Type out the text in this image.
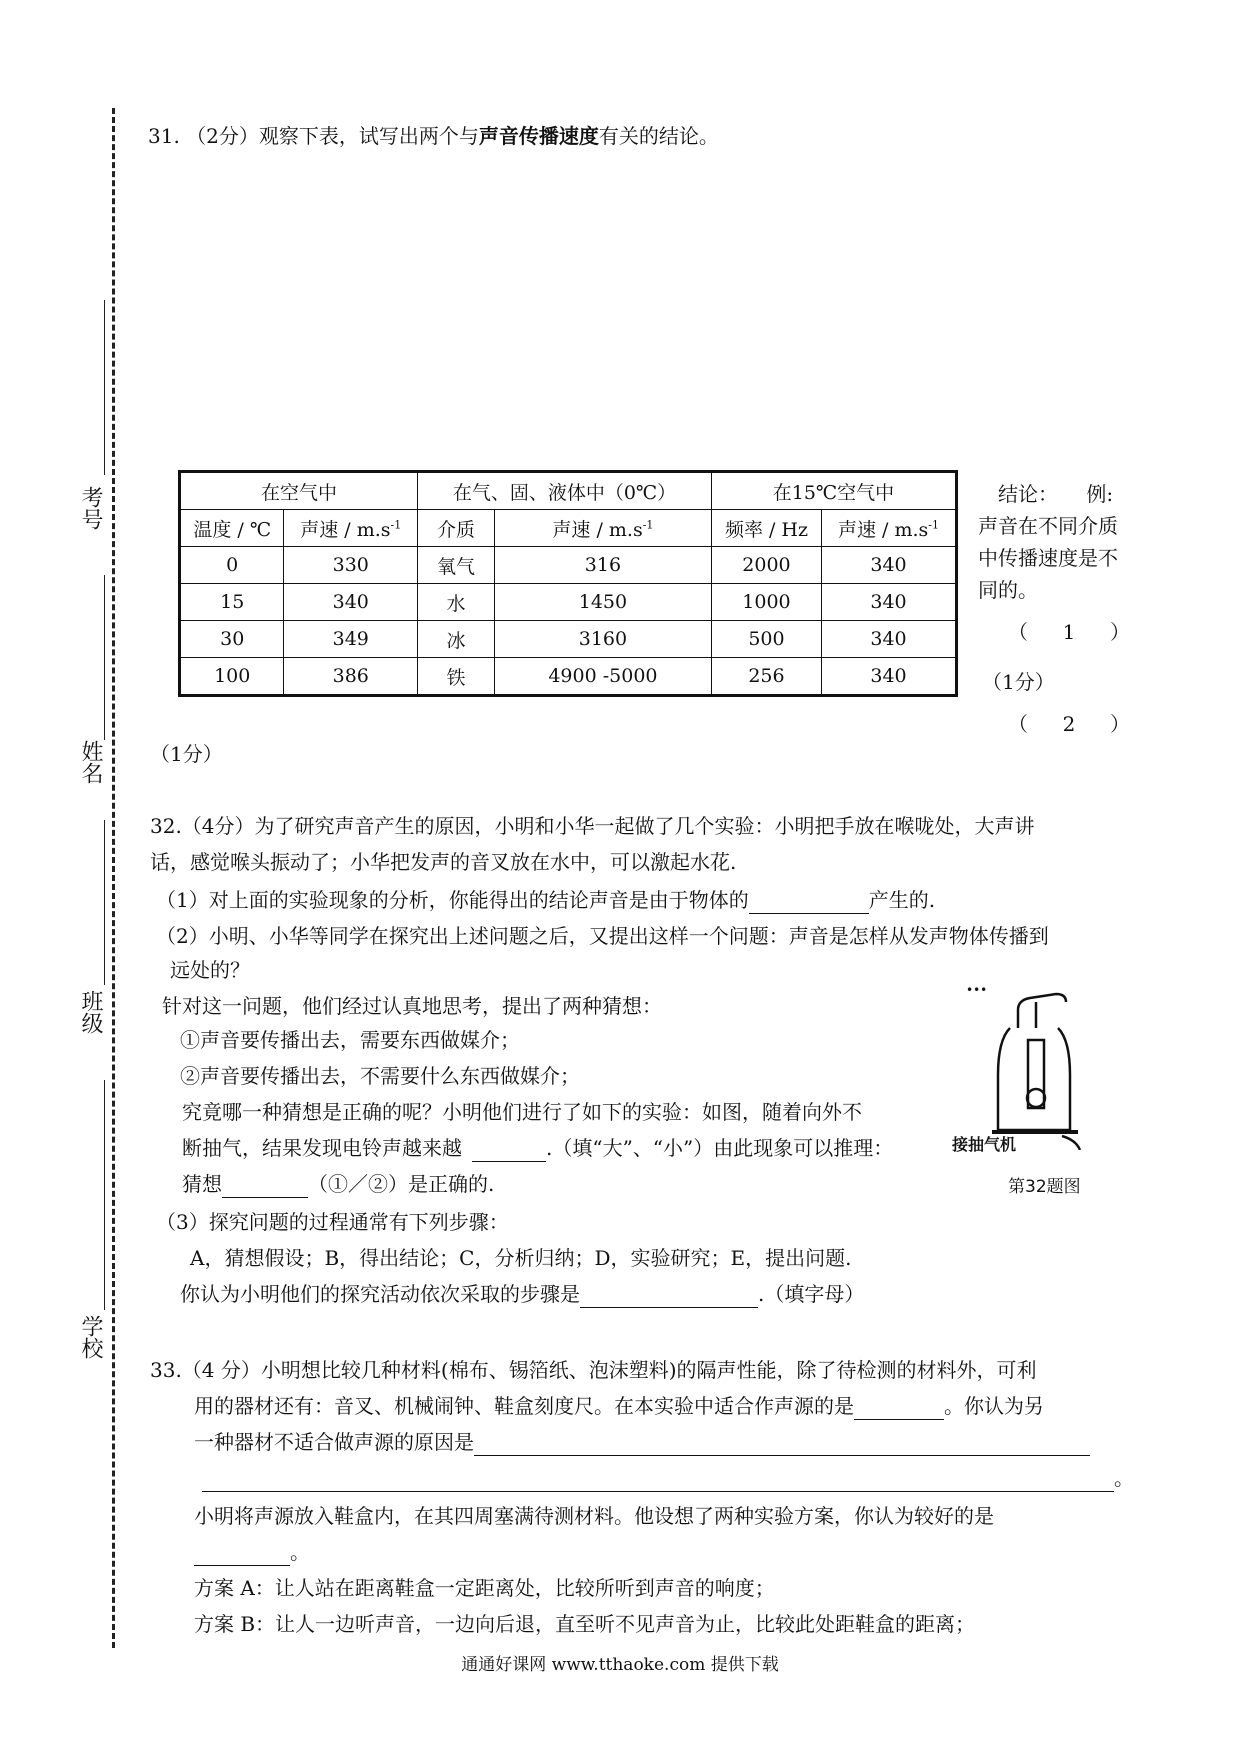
考号
姓名
班级
学校
31. （2分）观察下表，试写出两个与声音传播速度有关的结论。
在空气中		在气、固、液体中（0℃）		在15℃空气中	
温度 / ℃	声速 / $m.s^{-1}$	介质	声速 / $m.s^{-1}$	频率 / Hz	声速 / $m.s^{-1}$
0	330	氧气	316	2000	340
15	340	水	1450	1000	340
30	349	冰	3160	500	340
100	386	铁	4900 -5000	256	340
结论： 例:
声音在不同介质
中传播速度是不
同的。
（ 1 ）
（1分）
（ 2 ）
（1分）
32.（4分）为了研究声音产生的原因，小明和小华一起做了几个实验：小明把手放在喉咙处，大声讲
话，感觉喉头振动了；小华把发声的音叉放在水中，可以激起水花.
（1）对上面的实验现象的分析，你能得出的结论声音是由于物体的	产生的.
（2）小明、小华等同学在探究出上述问题之后，又提出这样一个问题：声音是怎样从发声物体传播到
远处的？
针对这一问题，他们经过认真地思考，提出了两种猜想：
①声音要传播出去，需要东西做媒介；
②声音要传播出去，不需要什么东西做媒介；
究竟哪一种猜想是正确的呢？小明他们进行了如下的实验：如图，随着向外不
断抽气，结果发现电铃声越来越	.（填“大”、“小”）由此现象可以推理：
猜想	（①／②）是正确的.
（3）探究问题的过程通常有下列步骤：
A，猜想假设；B，得出结论；C，分析归纳；D，实验研究；E，提出问题.
你认为小明他们的探究活动依次采取的步骤是	.（填字母）
•••
接抽气机
第32题图
33.（4 分）小明想比较几种材料(棉布、锡箔纸、泡沫塑料)的隔声性能，除了待检测的材料外，可利
用的器材还有：音叉、机械闹钟、鞋盒刻度尺。在本实验中适合作声源的是	。你认为另
一种器材不适合做声源的原因是
。
小明将声源放入鞋盒内，在其四周塞满待测材料。他设想了两种实验方案，你认为较好的是
。
方案 A：让人站在距离鞋盒一定距离处，比较所听到声音的响度；
方案 B：让人一边听声音，一边向后退，直至听不见声音为止，比较此处距鞋盒的距离；
通通好课网 www.tthaoke.com 提供下载
